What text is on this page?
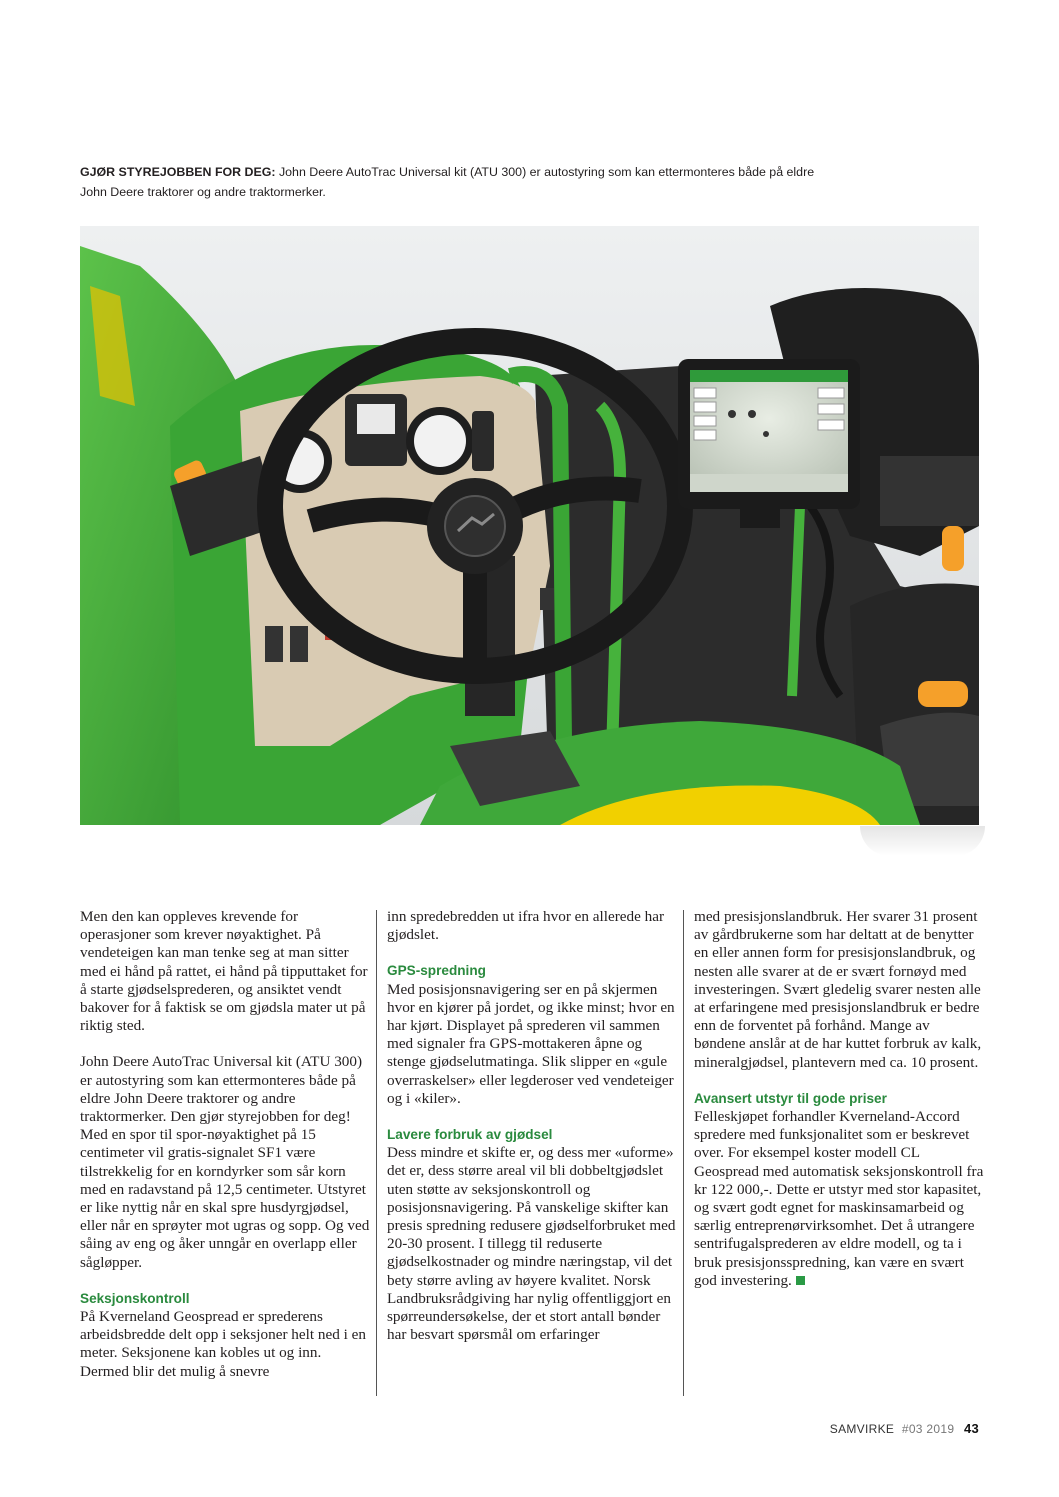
GJØR STYREJOBBEN FOR DEG: John Deere AutoTrac Universal kit (ATU 300) er autostyring som kan ettermonteres både på eldre John Deere traktorer og andre traktormerker.

Men den kan oppleves krevende for operasjoner som krever nøyaktighet. På vendeteigen kan man tenke seg at man sitter med ei hånd på rattet, ei hånd på tipputtaket for å starte gjødselsprederen, og ansiktet vendt bakover for å faktisk se om gjødsla mater ut på riktig sted.

John Deere AutoTrac Universal kit (ATU 300) er autostyring som kan ettermonteres både på eldre John Deere traktorer og andre traktormerker. Den gjør styrejobben for deg! Med en spor til spor-nøyaktighet på 15 centimeter vil gratis-signalet SF1 være tilstrekkelig for en korndyrker som sår korn med en radavstand på 12,5 centimeter. Utstyret er like nyttig når en skal spre husdyrgjødsel, eller når en sprøyter mot ugras og sopp. Og ved såing av eng og åker unngår en overlapp eller sågløpper.

Seksjonskontroll

På Kverneland Geospread er sprederens arbeidsbredde delt opp i seksjoner helt ned i en meter. Seksjonene kan kobles ut og inn. Dermed blir det mulig å snevre

inn spredebredden ut ifra hvor en allerede har gjødslet.

GPS-spredning

Med posisjonsnavigering ser en på skjermen hvor en kjører på jordet, og ikke minst; hvor en har kjørt. Displayet på sprederen vil sammen med signaler fra GPS-mottakeren åpne og stenge gjødselutmatinga. Slik slipper en «gule overraskelser» eller legderoser ved vendeteiger og i «kiler».

Lavere forbruk av gjødsel

Dess mindre et skifte er, og dess mer «uforme» det er, dess større areal vil bli dobbeltgjødslet uten støtte av seksjonskontroll og posisjonsnavigering. På vanskelige skifter kan presis spredning redusere gjødselforbruket med 20-30 prosent. I tillegg til reduserte gjødselkostnader og mindre næringstap, vil det bety større avling av høyere kvalitet. Norsk Landbruksrådgiving har nylig offentliggjort en spørreundersøkelse, der et stort antall bønder har besvart spørsmål om erfaringer

med presisjonslandbruk. Her svarer 31 prosent av gårdbrukerne som har deltatt at de benytter en eller annen form for presisjonslandbruk, og nesten alle svarer at de er svært fornøyd med investeringen. Svært gledelig svarer nesten alle at erfaringene med presisjonslandbruk er bedre enn de forventet på forhånd. Mange av bøndene anslår at de har kuttet forbruk av kalk, mineralgjødsel, plantevern med ca. 10 prosent.

Avansert utstyr til gode priser

Felleskjøpet forhandler Kverneland-Accord spredere med funksjonalitet som er beskrevet over. For eksempel koster modell CL Geospread med automatisk seksjonskontroll fra kr 122 000,-. Dette er utstyr med stor kapasitet, og svært godt egnet for maskinsamarbeid og særlig entreprenørvirksomhet. Det å utrangere sentrifugalsprederen av eldre modell, og ta i bruk presisjonsspredning, kan være en svært god investering.

SAMVIRKE #03 2019 43
